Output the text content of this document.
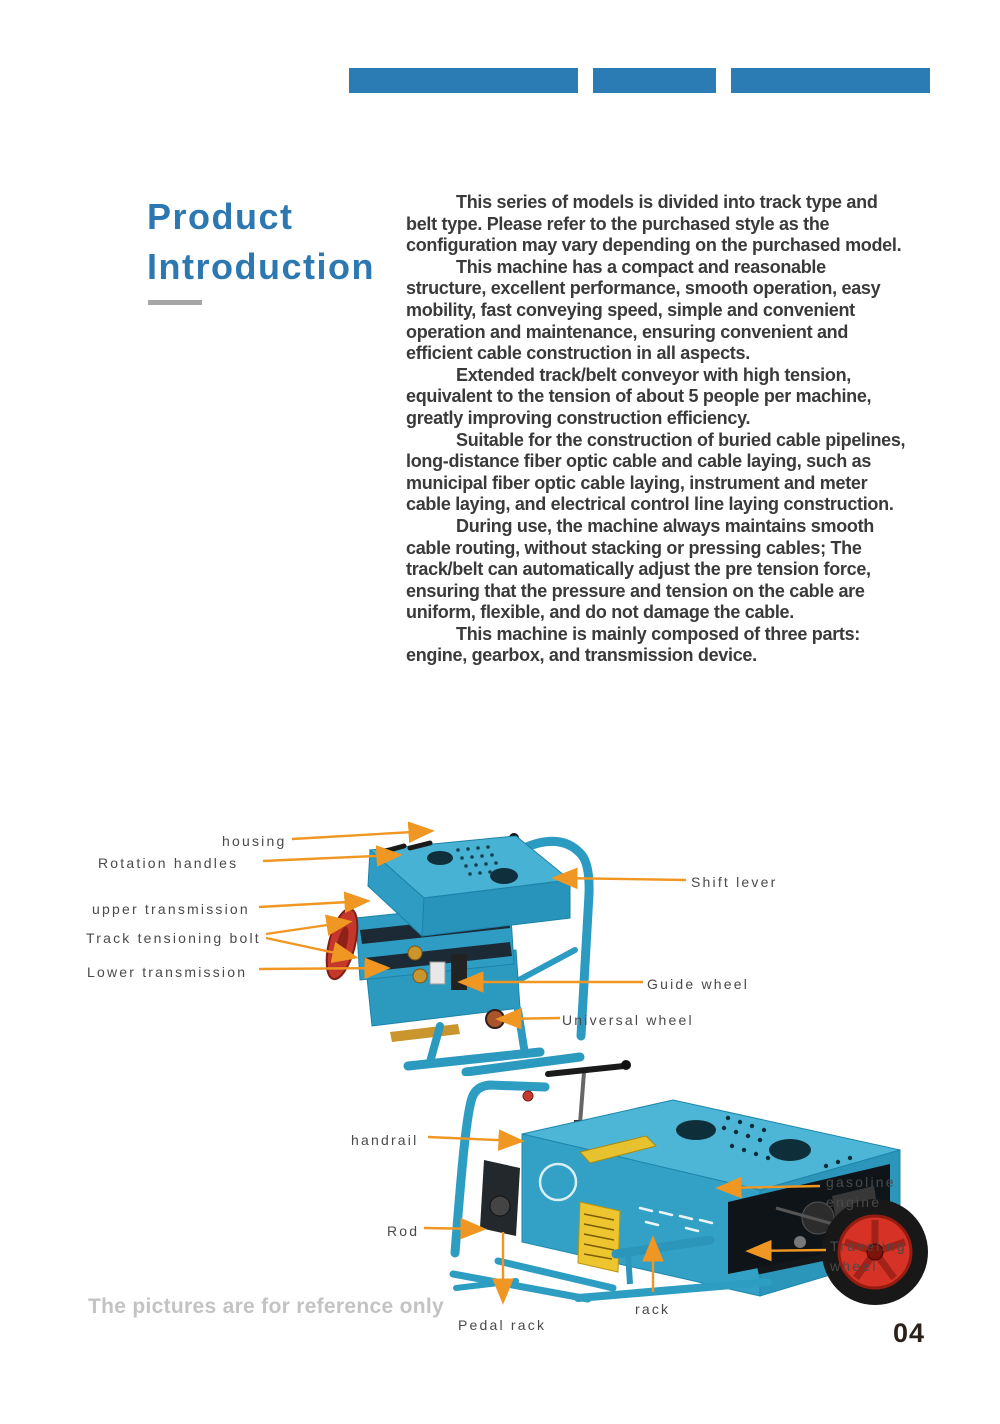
Product
Introduction

This series of models is divided into track type and belt type. Please refer to the purchased style as the configuration may vary depending on the purchased model.

This machine has a compact and reasonable structure, excellent performance, smooth operation, easy mobility, fast conveying speed, simple and convenient operation and maintenance, ensuring convenient and efficient cable construction in all aspects.

Extended track/belt conveyor with high tension, equivalent to the tension of about 5 people per machine, greatly improving construction efficiency.

Suitable for the construction of buried cable pipelines, long-distance fiber optic cable and cable laying, such as municipal fiber optic cable laying, instrument and meter cable laying, and electrical control line laying construction.

During use, the machine always maintains smooth cable routing, without stacking or pressing cables; The track/belt can automatically adjust the pre tension force, ensuring that the pressure and tension on the cable are uniform, flexible, and do not damage the cable.

This machine is mainly composed of three parts: engine, gearbox, and transmission device.

housing
Rotation handles
upper transmission
Track tensioning bolt
Lower transmission
Shift lever
Guide wheel
Universal wheel
handrail
Rod
Pedal rack
rack
gasoline
engine
Traveling
wheel
The pictures are for reference only
04
